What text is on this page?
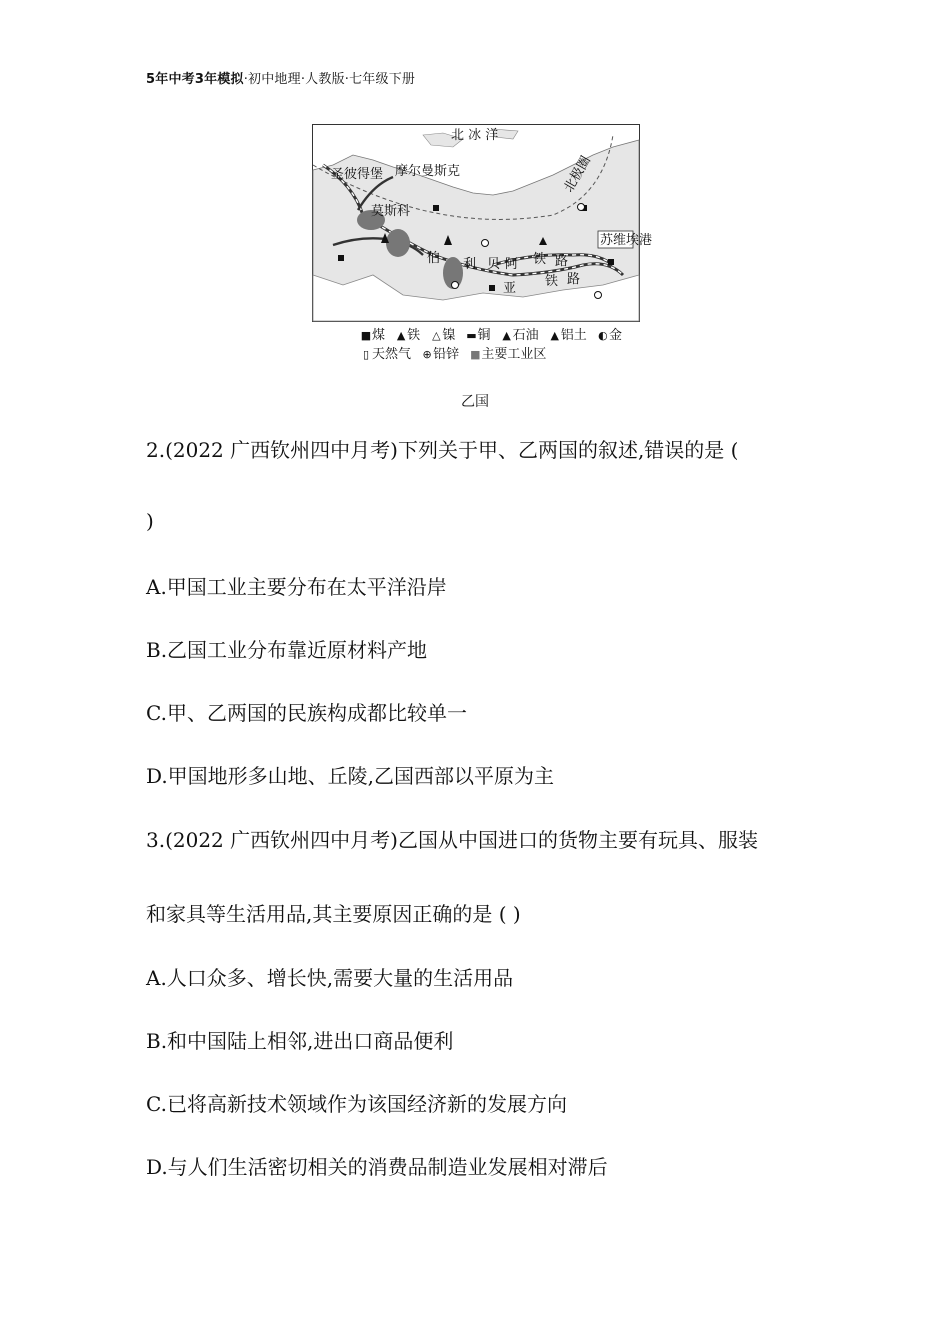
5年中考3年模拟·初中地理·人教版·七年级下册
北 冰 洋
北极圈
圣彼得堡 摩尔曼斯克
莫斯科
苏维埃港
伯 利 贝 阿 铁 路
亚 铁 路
■煤 ▲ 铁 △ 镍 ▬铜 ▲ 石油 ▲ 铝土 ◐金
▯ 天然气 ⊕铅锌 ■主要工业区
乙国
2.(2022 广西钦州四中月考)下列关于甲、乙两国的叙述,错误的是 (
)
A.甲国工业主要分布在太平洋沿岸
B.乙国工业分布靠近原材料产地
C.甲、乙两国的民族构成都比较单一
D.甲国地形多山地、丘陵,乙国西部以平原为主
3.(2022 广西钦州四中月考)乙国从中国进口的货物主要有玩具、服装
和家具等生活用品,其主要原因正确的是 ( )
A.人口众多、增长快,需要大量的生活用品
B.和中国陆上相邻,进出口商品便利
C.已将高新技术领域作为该国经济新的发展方向
D.与人们生活密切相关的消费品制造业发展相对滞后
